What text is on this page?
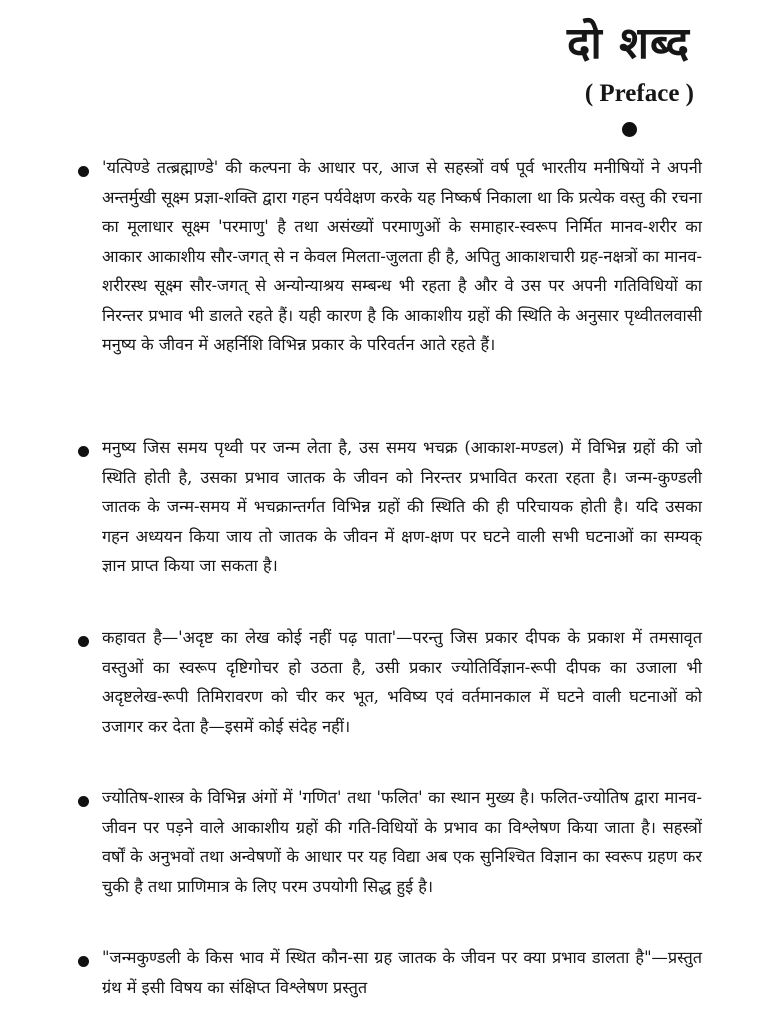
दो शब्द
( Preface )
'यत्पिण्डे तत्ब्रह्माण्डे' की कल्पना के आधार पर, आज से सहस्त्रों वर्ष पूर्व भारतीय मनीषियों ने अपनी अन्तर्मुखी सूक्ष्म प्रज्ञा-शक्ति द्वारा गहन पर्यवेक्षण करके यह निष्कर्ष निकाला था कि प्रत्येक वस्तु की रचना का मूलाधार सूक्ष्म 'परमाणु' है तथा असंख्यों परमाणुओं के समाहार-स्वरूप निर्मित मानव-शरीर का आकार आकाशीय सौर-जगत् से न केवल मिलता-जुलता ही है, अपितु आकाशचारी ग्रह-नक्षत्रों का मानव-शरीरस्थ सूक्ष्म सौर-जगत् से अन्योन्याश्रय सम्बन्ध भी रहता है और वे उस पर अपनी गतिविधियों का निरन्तर प्रभाव भी डालते रहते हैं। यही कारण है कि आकाशीय ग्रहों की स्थिति के अनुसार पृथ्वीतलवासी मनुष्य के जीवन में अहर्निशि विभिन्न प्रकार के परिवर्तन आते रहते हैं।
मनुष्य जिस समय पृथ्वी पर जन्म लेता है, उस समय भचक्र (आकाश-मण्डल) में विभिन्न ग्रहों की जो स्थिति होती है, उसका प्रभाव जातक के जीवन को निरन्तर प्रभावित करता रहता है। जन्म-कुण्डली जातक के जन्म-समय में भचक्रान्तर्गत विभिन्न ग्रहों की स्थिति की ही परिचायक होती है। यदि उसका गहन अध्ययन किया जाय तो जातक के जीवन में क्षण-क्षण पर घटने वाली सभी घटनाओं का सम्यक् ज्ञान प्राप्त किया जा सकता है।
कहावत है—'अदृष्ट का लेख कोई नहीं पढ़ पाता'—परन्तु जिस प्रकार दीपक के प्रकाश में तमसावृत वस्तुओं का स्वरूप दृष्टिगोचर हो उठता है, उसी प्रकार ज्योतिर्विज्ञान-रूपी दीपक का उजाला भी अदृष्टलेख-रूपी तिमिरावरण को चीर कर भूत, भविष्य एवं वर्तमानकाल में घटने वाली घटनाओं को उजागर कर देता है—इसमें कोई संदेह नहीं।
ज्योतिष-शास्त्र के विभिन्न अंगों में 'गणित' तथा 'फलित' का स्थान मुख्य है। फलित-ज्योतिष द्वारा मानव-जीवन पर पड़ने वाले आकाशीय ग्रहों की गति-विधियों के प्रभाव का विश्लेषण किया जाता है। सहस्त्रों वर्षों के अनुभवों तथा अन्वेषणों के आधार पर यह विद्या अब एक सुनिश्चित विज्ञान का स्वरूप ग्रहण कर चुकी है तथा प्राणिमात्र के लिए परम उपयोगी सिद्ध हुई है।
"जन्मकुण्डली के किस भाव में स्थित कौन-सा ग्रह जातक के जीवन पर क्या प्रभाव डालता है"—प्रस्तुत ग्रंथ में इसी विषय का संक्षिप्त विश्लेषण प्रस्तुत
